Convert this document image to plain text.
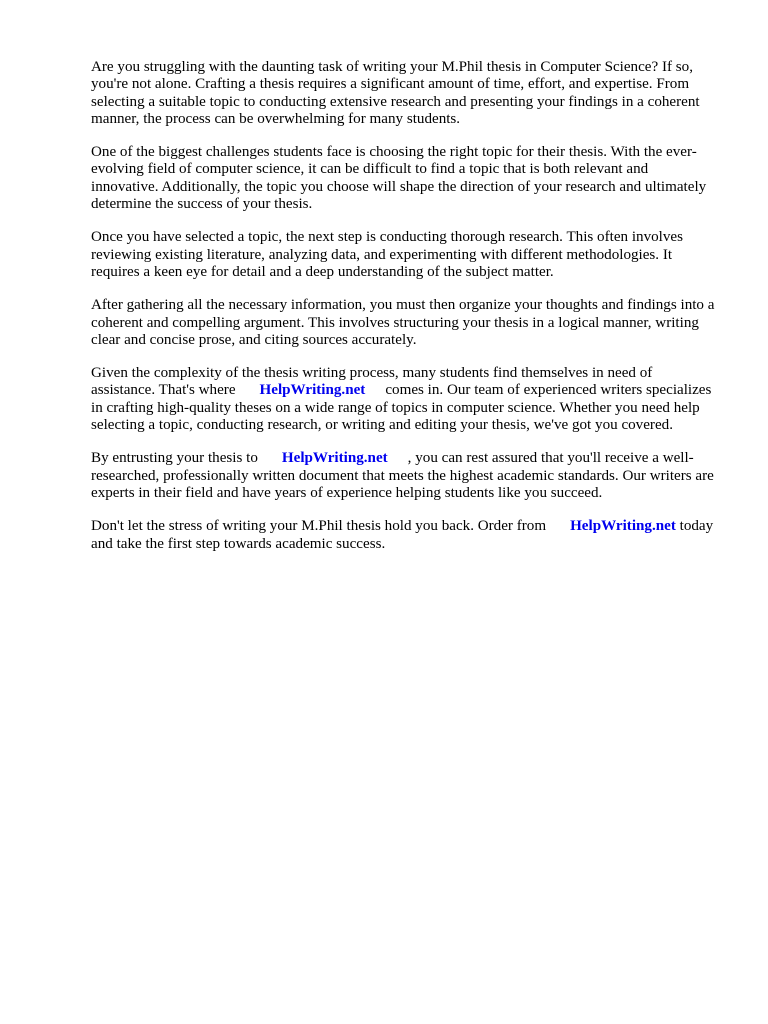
Are you struggling with the daunting task of writing your M.Phil thesis in Computer Science? If so, you're not alone. Crafting a thesis requires a significant amount of time, effort, and expertise. From selecting a suitable topic to conducting extensive research and presenting your findings in a coherent manner, the process can be overwhelming for many students.

One of the biggest challenges students face is choosing the right topic for their thesis. With the ever-evolving field of computer science, it can be difficult to find a topic that is both relevant and innovative. Additionally, the topic you choose will shape the direction of your research and ultimately determine the success of your thesis.

Once you have selected a topic, the next step is conducting thorough research. This often involves reviewing existing literature, analyzing data, and experimenting with different methodologies. It requires a keen eye for detail and a deep understanding of the subject matter.

After gathering all the necessary information, you must then organize your thoughts and findings into a coherent and compelling argument. This involves structuring your thesis in a logical manner, writing clear and concise prose, and citing sources accurately.

Given the complexity of the thesis writing process, many students find themselves in need of assistance. That's where HelpWriting.net comes in. Our team of experienced writers specializes in crafting high-quality theses on a wide range of topics in computer science. Whether you need help selecting a topic, conducting research, or writing and editing your thesis, we've got you covered.

By entrusting your thesis to HelpWriting.net , you can rest assured that you'll receive a well-researched, professionally written document that meets the highest academic standards. Our writers are experts in their field and have years of experience helping students like you succeed.

Don't let the stress of writing your M.Phil thesis hold you back. Order from HelpWriting.net today and take the first step towards academic success.
